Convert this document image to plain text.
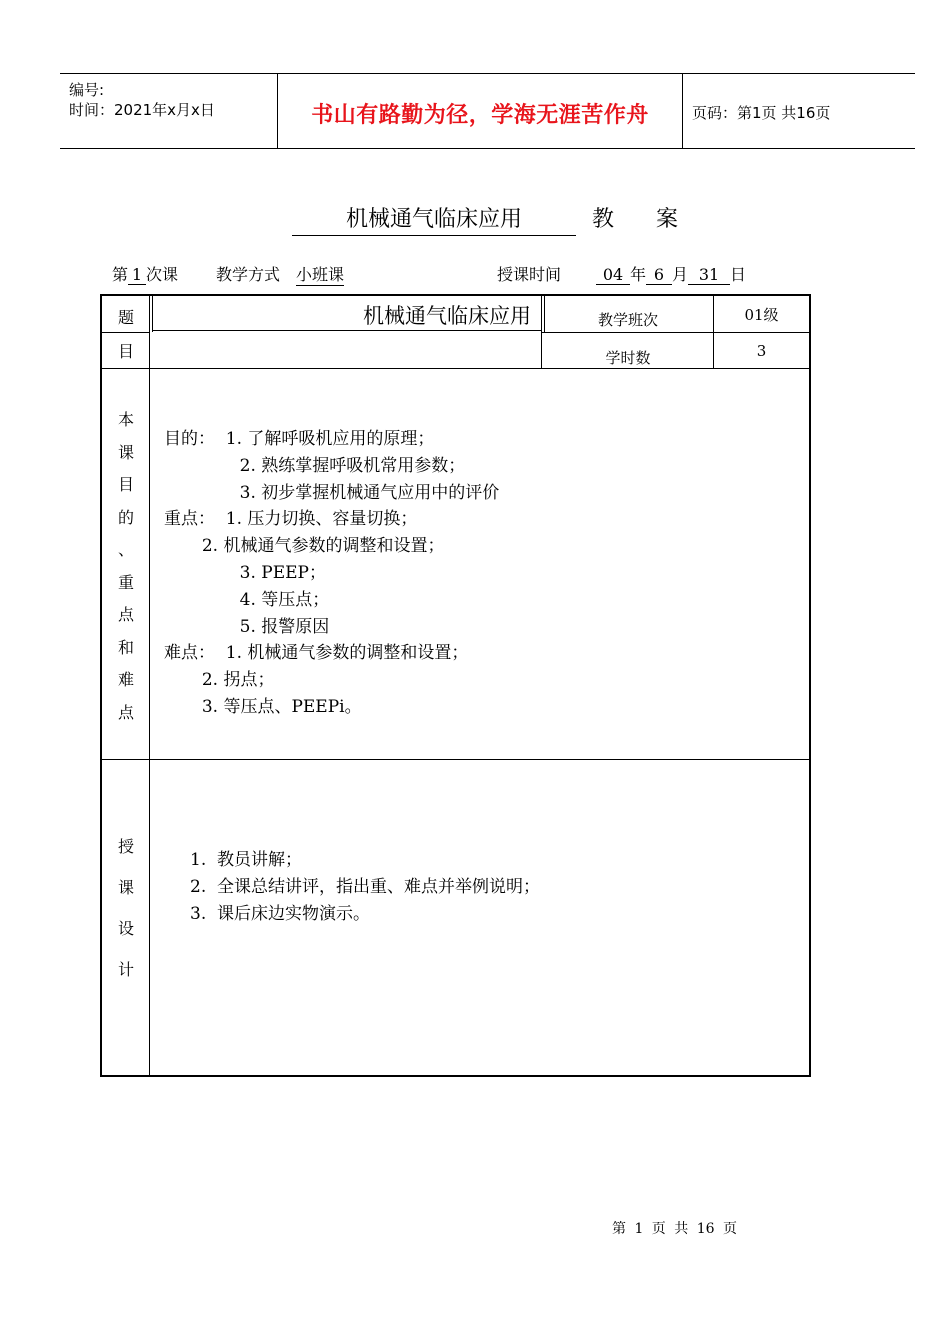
编号:
时间：2021年x月x日	书山有路勤为径，学海无涯苦作舟	页码：第1页 共16页
机械通气临床应用	教 案
第 1 次课 教学方式 小班课	授课时间	04 年 6 月 31 日
题
目
机械通气临床应用	教学班次	01级
学时数	3
本
课
目
的
、
重
点
和
难
点
目的：  1. 了解呼吸机应用的原理；
2. 熟练掌握呼吸机常用参数；
3. 初步掌握机械通气应用中的评价
重点：  1. 压力切换、容量切换；
2. 机械通气参数的调整和设置；
3. PEEP；
4. 等压点；
5. 报警原因
难点：  1. 机械通气参数的调整和设置；
2. 拐点；
3. 等压点、PEEPi。
授
课
设
计
1.  教员讲解；
2.  全课总结讲评，指出重、难点并举例说明；
3.  课后床边实物演示。
第 1 页 共 16 页
